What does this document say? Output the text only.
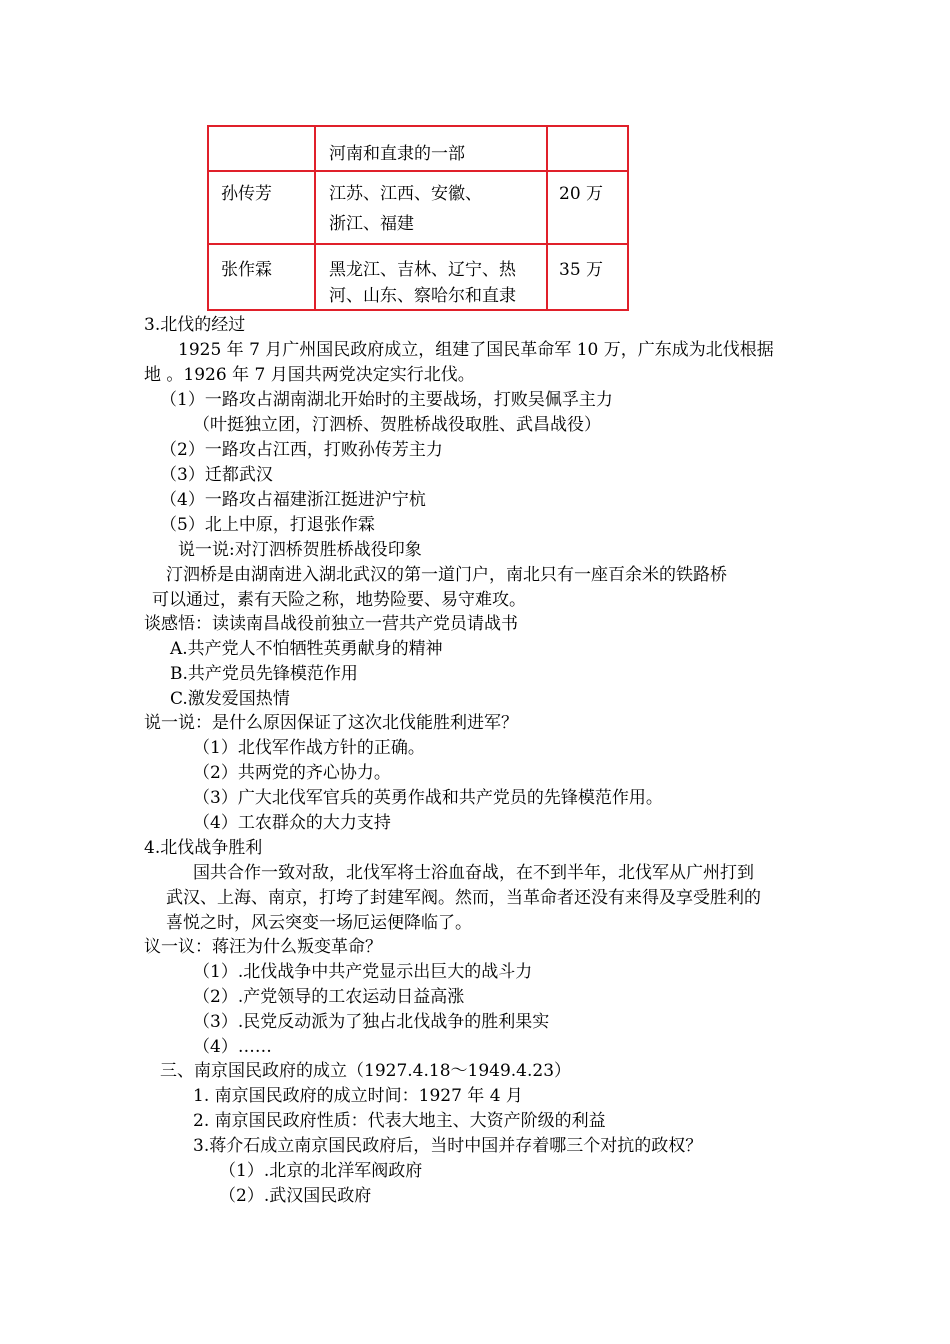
河南和直隶的一部
孙传芳	江苏、江西、安徽、
浙江、福建
20 万
张作霖	黑龙江、吉林、辽宁、热
河、山东、察哈尔和直隶
35 万
3.北伐的经过
1925 年 7 月广州国民政府成立，组建了国民革命军 10 万，广东成为北伐根据
地 。1926 年 7 月国共两党决定实行北伐。
（1）一路攻占湖南湖北开始时的主要战场，打败吴佩孚主力
（叶挺独立团，汀泗桥、贺胜桥战役取胜、武昌战役）
（2）一路攻占江西，打败孙传芳主力
（3）迁都武汉
（4）一路攻占福建浙江挺进沪宁杭
（5）北上中原，打退张作霖
说一说:对汀泗桥贺胜桥战役印象
汀泗桥是由湖南进入湖北武汉的第一道门户，南北只有一座百余米的铁路桥
可以通过，素有天险之称，地势险要、易守难攻。
谈感悟：读读南昌战役前独立一营共产党员请战书
A.共产党人不怕牺牲英勇献身的精神
B.共产党员先锋模范作用
C.激发爱国热情
说一说：是什么原因保证了这次北伐能胜利进军？
（1）北伐军作战方针的正确。
（2）共两党的齐心协力。
（3）广大北伐军官兵的英勇作战和共产党员的先锋模范作用。
（4）工农群众的大力支持
4.北伐战争胜利
国共合作一致对敌，北伐军将士浴血奋战，在不到半年，北伐军从广州打到
武汉、上海、南京，打垮了封建军阀。然而，当革命者还没有来得及享受胜利的
喜悦之时，风云突变一场厄运便降临了。
议一议：蒋汪为什么叛变革命？
（1）.北伐战争中共产党显示出巨大的战斗力
（2）.产党领导的工农运动日益高涨
（3）.民党反动派为了独占北伐战争的胜利果实
（4）……
三、南京国民政府的成立（1927.4.18～1949.4.23）
1. 南京国民政府的成立时间：1927 年 4 月
2. 南京国民政府性质：代表大地主、大资产阶级的利益
3.蒋介石成立南京国民政府后，当时中国并存着哪三个对抗的政权？
（1）.北京的北洋军阀政府
（2）.武汉国民政府
